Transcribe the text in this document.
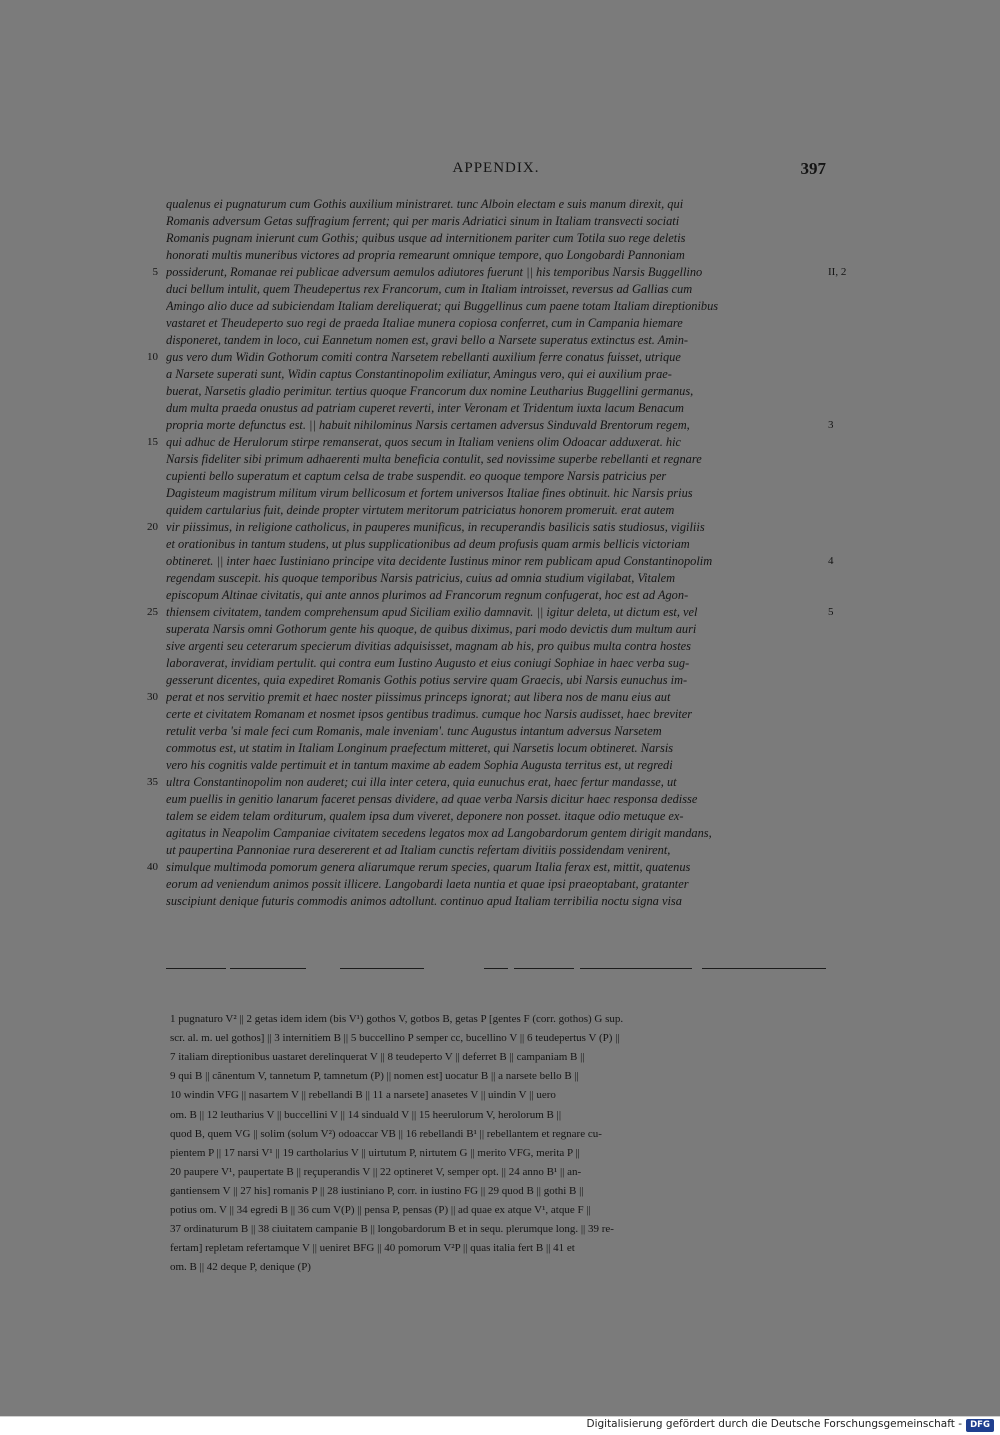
APPENDIX.	397
qualenus ei pugnaturum cum Gothis auxilium ministraret. tunc Alboin electam e suis manum direxit, qui
Romanis adversum Getas suffragium ferrent; qui per maris Adriatici sinum in Italiam transvecti sociati
Romanis pugnam inierunt cum Gothis; quibus usque ad internitionem pariter cum Totila suo rege deletis
honorati multis muneribus victores ad propria remearunt omnique tempore, quo Longobardi Pannoniam
possiderunt, Romanae rei publicae adversum aemulos adiutores fuerunt || his temporibus Narsis Buggellino
duci bellum intulit, quem Theudepertus rex Francorum, cum in Italiam introisset, reversus ad Gallias cum
Amingo alio duce ad subiciendam Italiam dereliquerat; qui Buggellinus cum paene totam Italiam direptionibus
vastaret et Theudeperto suo regi de praeda Italiae munera copiosa conferret, cum in Campania hiemare
disponeret, tandem in loco, cui Eannetum nomen est, gravi bello a Narsete superatus extinctus est. Amin-
gus vero dum Widin Gothorum comiti contra Narsetem rebellanti auxilium ferre conatus fuisset, utrique
a Narsete superati sunt, Widin captus Constantinopolim exiliatur, Amingus vero, qui ei auxilium prae-
buerat, Narsetis gladio perimitur. tertius quoque Francorum dux nomine Leutharius Buggellini germanus,
dum multa praeda onustus ad patriam cuperet reverti, inter Veronam et Tridentum iuxta lacum Benacum
propria morte defunctus est. || habuit nihilominus Narsis certamen adversus Sinduvald Brentorum regem,
qui adhuc de Herulorum stirpe remanserat, quos secum in Italiam veniens olim Odoacar adduxerat. hic
Narsis fideliter sibi primum adhaerenti multa beneficia contulit, sed novissime superbe rebellanti et regnare
cupienti bello superatum et captum celsa de trabe suspendit. eo quoque tempore Narsis patricius per
Dagisteum magistrum militum virum bellicosum et fortem universos Italiae fines obtinuit. hic Narsis prius
quidem cartularius fuit, deinde propter virtutem meritorum patriciatus honorem promeruit. erat autem
vir piissimus, in religione catholicus, in pauperes munificus, in recuperandis basilicis satis studiosus, vigiliis
et orationibus in tantum studens, ut plus supplicationibus ad deum profusis quam armis bellicis victoriam
obtineret. || inter haec Iustiniano principe vita decidente Iustinus minor rem publicam apud Constantinopolim
regendam suscepit. his quoque temporibus Narsis patricius, cuius ad omnia studium vigilabat, Vitalem
episcopum Altinae civitatis, qui ante annos plurimos ad Francorum regnum confugerat, hoc est ad Agon-
thiensem civitatem, tandem comprehensum apud Siciliam exilio damnavit. || igitur deleta, ut dictum est, vel
superata Narsis omni Gothorum gente his quoque, de quibus diximus, pari modo devictis dum multum auri
sive argenti seu ceterarum specierum divitias adquisisset, magnam ab his, pro quibus multa contra hostes
laboraverat, invidiam pertulit. qui contra eum Iustino Augusto et eius coniugi Sophiae in haec verba sug-
gesserunt dicentes, quia expediret Romanis Gothis potius servire quam Graecis, ubi Narsis eunuchus im-
perat et nos servitio premit et haec noster piissimus princeps ignorat; aut libera nos de manu eius aut
certe et civitatem Romanam et nosmet ipsos gentibus tradimus. cumque hoc Narsis audisset, haec breviter
retulit verba 'si male feci cum Romanis, male inveniam'. tunc Augustus intantum adversus Narsetem
commotus est, ut statim in Italiam Longinum praefectum mitteret, qui Narsetis locum obtineret. Narsis
vero his cognitis valde pertimuit et in tantum maxime ab eadem Sophia Augusta territus est, ut regredi
ultra Constantinopolim non auderet; cui illa inter cetera, quia eunuchus erat, haec fertur mandasse, ut
eum puellis in genitio lanarum faceret pensas dividere, ad quae verba Narsis dicitur haec responsa dedisse
talem se eidem telam orditurum, qualem ipsa dum viveret, deponere non posset. itaque odio metuque ex-
agitatus in Neapolim Campaniae civitatem secedens legatos mox ad Langobardorum gentem dirigit mandans,
ut paupertina Pannoniae rura desererent et ad Italiam cunctis refertam divitiis possidendam venirent,
simulque multimoda pomorum genera aliarumque rerum species, quarum Italia ferax est, mittit, quatenus
eorum ad veniendum animos possit illicere. Langobardi laeta nuntia et quae ipsi praeoptabant, gratanter
suscipiunt denique futuris commodis animos adtollunt. continuo apud Italiam terribilia noctu signa visa
5
10
15
20
25
30
35
40
II, 2
3
4
5
1 pugnaturo V² || 2 getas idem idem (bis V¹) gothos V, gotbos B, getas P [gentes F (corr. gothos) G sup.
scr. al. m. uel gothos] || 3 internitiem B || 5 buccellino P semper cc, bucellino V || 6 teudepertus V (P) ||
7 italiam direptionibus uastaret derelinquerat V || 8 teudeperto V || deferret B || campaniam B ||
9 qui B || cãnentum V, tannetum P, tamnetum (P) || nomen est] uocatur B || a narsete bello B ||
10 windin VFG || nasartem V || rebellandi B || 11 a narsete] anasetes V || uindin V || uero
om. B || 12 leutharius V || buccellini V || 14 sinduald V || 15 heerulorum V, herolorum B ||
quod B, quem VG || solim (solum V²) odoaccar VB || 16 rebellandi B¹ || rebellantem et regnare cu-
pientem P || 17 narsi V¹ || 19 cartholarius V || uirtutum P, nirtutem G || merito VFG, merita P ||
20 paupere V¹, paupertate B || reçuperandis V || 22 optineret V, semper opt. || 24 anno B¹ || an-
gantiensem V || 27 his] romanis P || 28 iustiniano P, corr. in iustino FG || 29 quod B || gothi B ||
potius om. V || 34 egredi B || 36 cum V(P) || pensa P, pensas (P) || ad quae ex atque V¹, atque F ||
37 ordinaturum B || 38 ciuitatem campanie B || longobardorum B et in sequ. plerumque long. || 39 re-
fertam] repletam refertamque V || ueniret BFG || 40 pomorum V²P || quas italia fert B || 41 et
om. B || 42 deque P, denique (P)
Digitalisierung gefördert durch die Deutsche Forschungsgemeinschaft - DFG
